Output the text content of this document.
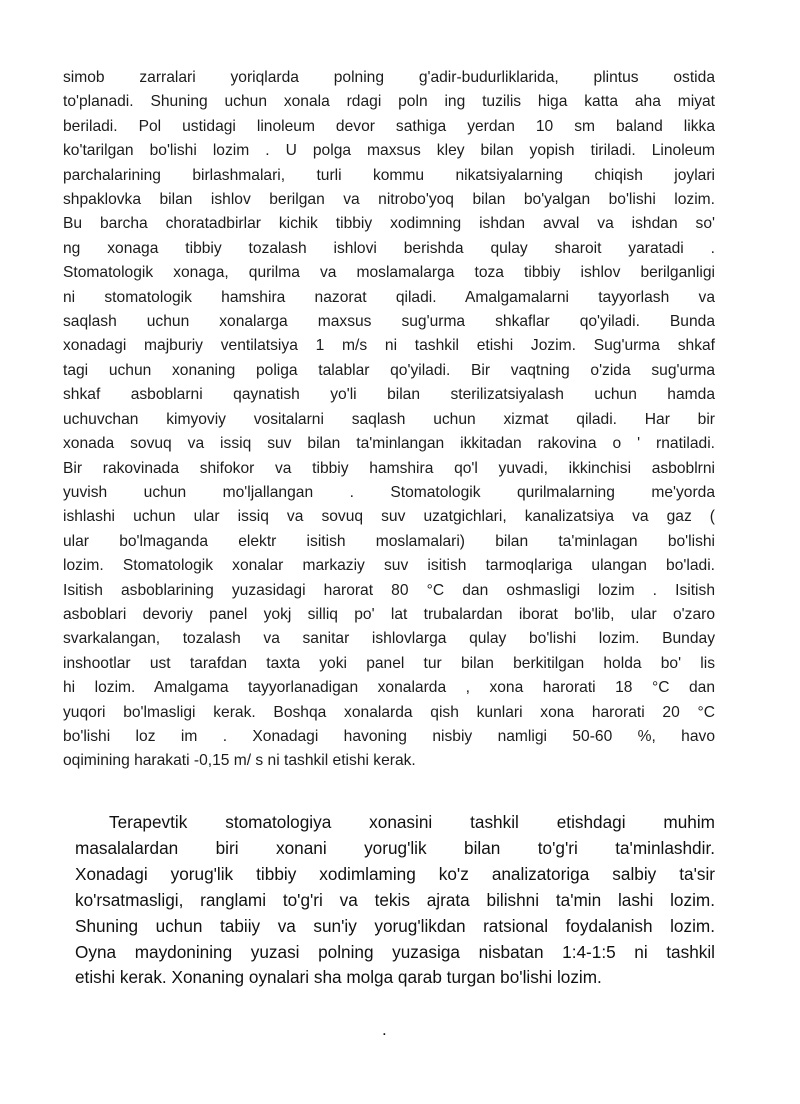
simob zarralari yoriqlarda polning g'adir-budurliklarida, plintus ostida
to'planadi. Shuning uchun xonala rdagi poln ing tuzilis higa katta aha miyat
beriladi. Pol ustidagi linoleum devor sathiga yerdan 10 sm baland likka
ko'tarilgan bo'lishi lozim . U polga maxsus kley bilan yopish tiriladi. Linoleum
parchalarining birlashmalari, turli kommu nikatsiyalarning chiqish joylari
shpaklovka bilan ishlov berilgan va nitrobo'yoq bilan bo'yalgan bo'lishi lozim.
Bu barcha choratadbirlar kichik tibbiy xodimning ishdan avval va ishdan so'
ng xonaga tibbiy tozalash ishlovi berishda qulay sharoit yaratadi .
Stomatologik xonaga, qurilma va moslamalarga toza tibbiy ishlov berilganligi
ni stomatologik hamshira nazorat qiladi. Amalgamalarni tayyorlash va
saqlash uchun xonalarga maxsus sug'urma shkaflar qo'yiladi. Bunda
xonadagi majburiy ventilatsiya 1 m/s ni tashkil etishi Jozim. Sug'urma shkaf
tagi uchun xonaning poliga talablar qo'yiladi. Bir vaqtning o'zida sug'urma
shkaf asboblarni qaynatish yo'li bilan sterilizatsiyalash uchun hamda
uchuvchan kimyoviy vositalarni saqlash uchun xizmat qiladi. Har bir
xonada sovuq va issiq suv bilan ta'minlangan ikkitadan rakovina o ' rnatiladi.
Bir rakovinada shifokor va tibbiy hamshira qo'l yuvadi, ikkinchisi asboblrni
yuvish uchun mo'ljallangan . Stomatologik qurilmalarning me'yorda
ishlashi uchun ular issiq va sovuq suv uzatgichlari, kanalizatsiya va gaz (
ular bo'lmaganda elektr isitish moslamalari) bilan ta'minlagan bo'lishi
lozim. Stomatologik xonalar markaziy suv isitish tarmoqlariga ulangan bo'ladi.
Isitish asboblarining yuzasidagi harorat 80 °C dan oshmasligi lozim . Isitish
asboblari devoriy panel yokj silliq po' lat trubalardan iborat bo'lib, ular o'zaro
svarkalangan, tozalash va sanitar ishlovlarga qulay bo'lishi lozim. Bunday
inshootlar ust tarafdan taxta yoki panel tur bilan berkitilgan holda bo' lis
hi lozim. Amalgama tayyorlanadigan xonalarda , xona harorati 18 °C dan
yuqori bo'lmasligi kerak. Boshqa xonalarda qish kunlari xona harorati 20 °C
bo'lishi loz im . Xonadagi havoning nisbiy namligi 50-60 %, havo
oqimining harakati -0,15 m/ s ni tashkil etishi kerak.
Terapevtik stomatologiya xonasini tashkil etishdagi muhim
masalalardan biri xonani yorug'lik bilan to'g'ri ta'minlashdir.
Xonadagi yorug'lik tibbiy xodimlaming ko'z analizatoriga salbiy ta'sir
ko'rsatmasligi, ranglami to'g'ri va tekis ajrata bilishni ta'min lashi lozim.
Shuning uchun tabiiy va sun'iy yorug'likdan ratsional foydalanish lozim.
Oyna maydonining yuzasi polning yuzasiga nisbatan 1:4-1:5 ni tashkil
etishi kerak. Xonaning oynalari sha molga qarab turgan bo'lishi lozim.
.
